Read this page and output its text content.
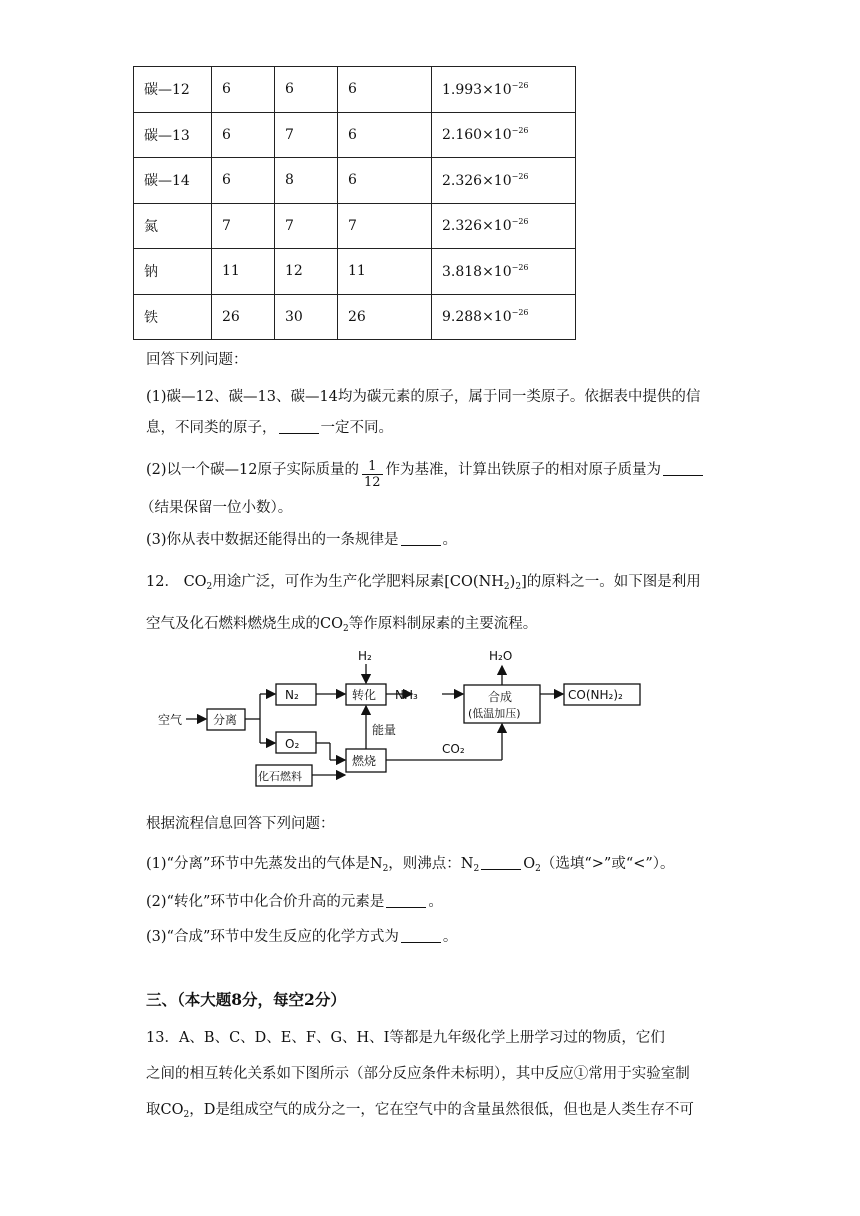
碳—12	6	6	6	$1.993\times 10^{-26}$
碳—13	6	7	6	$2.160\times 10^{-26}$
碳—14	6	8	6	$2.326\times 10^{-26}$
氮	7	7	7	$2.326\times 10^{-26}$
钠	11	12	11	$3.818\times 10^{-26}$
铁	26	30	26	$9.288\times 10^{-26}$
回答下列问题：
(1)碳—12、碳—13、碳—14均为碳元素的原子，属于同一类原子。依据表中提供的信
息，不同类的原子，	一定不同。
(2)以一个碳—12原子实际质量的 $\frac{1}{12}$ 作为基准，计算出铁原子的相对原子质量为
（结果保留一位小数）。
(3)你从表中数据还能得出的一条规律是	。
12． $CO_2$用途广泛，可作为生产化学肥料尿素$[CO(NH_2)_2]$的原料之一。如下图是利用
空气及化石燃料燃烧生成的$CO_2$等作原料制尿素的主要流程。
空气	分离
N₂
O₂
H₂
转化 NH₃
能量
化石燃料
燃烧
CO₂
H₂O
合成
(低温加压)
CO(NH₂)₂
根据流程信息回答下列问题：
(1)“分离”环节中先蒸发出的气体是$N_2$，则沸点：$N_2$	$O_2$（选填“>”或“<”）。
(2)“转化”环节中化合价升高的元素是	。
(3)“合成”环节中发生反应的化学方式为	。
三、（本大题8分，每空2分）
13．A、B、C、D、E、F、G、H、I等都是九年级化学上册学习过的物质，它们
之间的相互转化关系如下图所示（部分反应条件未标明），其中反应①常用于实验室制
取$CO_2$，D是组成空气的成分之一，它在空气中的含量虽然很低，但也是人类生存不可
